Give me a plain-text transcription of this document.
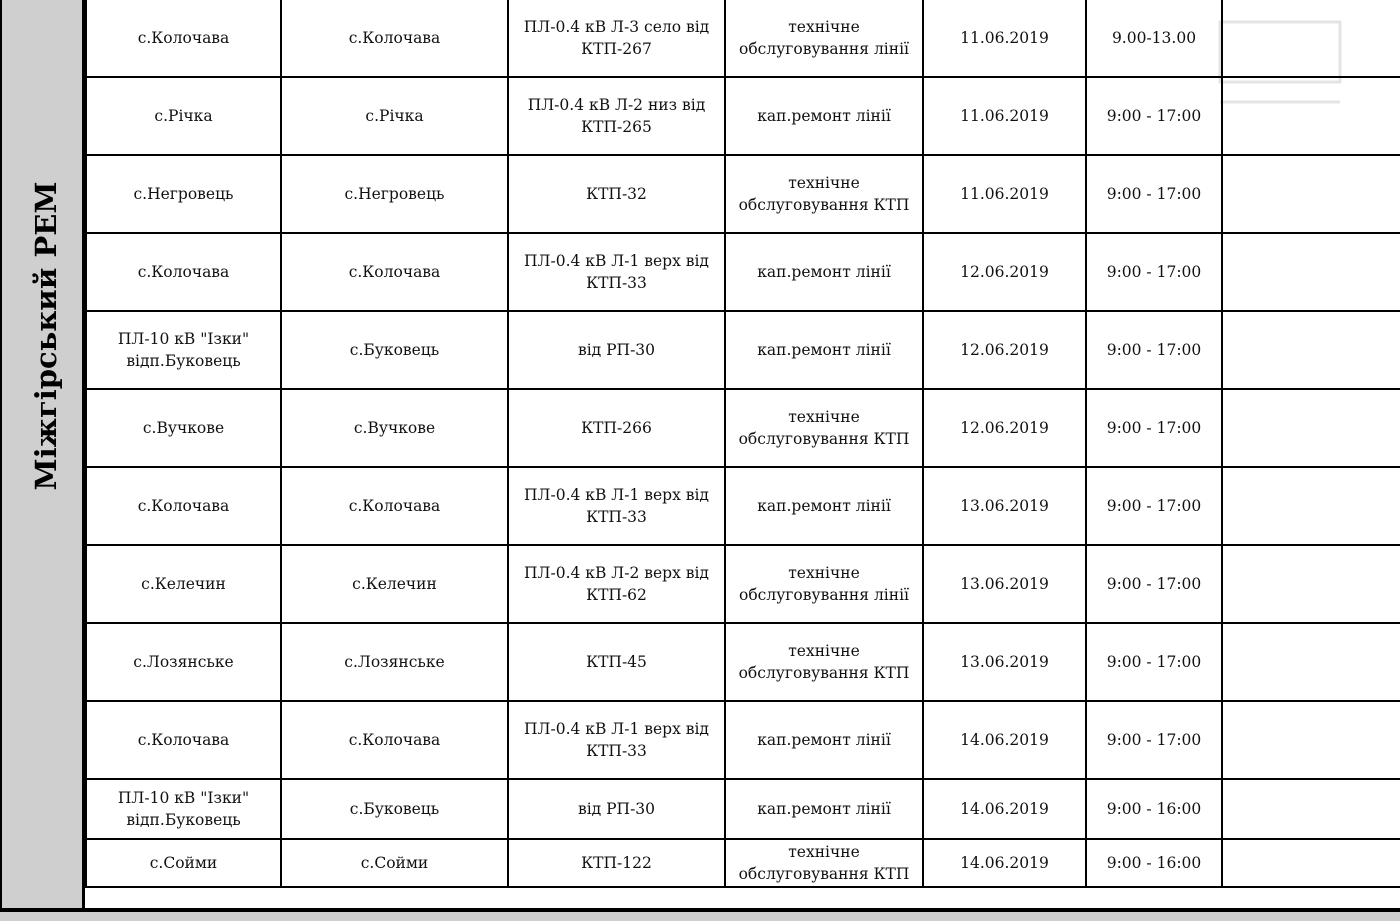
Міжгірський РЕМ
с.Колочава	с.Колочава	ПЛ-0.4 кВ Л-3 село від КТП-267	технічне обслуговування лінії	11.06.2019	9.00-13.00	
с.Річка	с.Річка	ПЛ-0.4 кВ Л-2 низ від КТП-265	кап.ремонт лінії	11.06.2019	9:00 - 17:00	
с.Негровець	с.Негровець	КТП-32	технічне обслуговування КТП	11.06.2019	9:00 - 17:00	
с.Колочава	с.Колочава	ПЛ-0.4 кВ Л-1 верх від КТП-33	кап.ремонт лінії	12.06.2019	9:00 - 17:00	
ПЛ-10 кВ "Ізки" відп.Буковець	с.Буковець	від РП-30	кап.ремонт лінії	12.06.2019	9:00 - 17:00	
с.Вучкове	с.Вучкове	КТП-266	технічне обслуговування КТП	12.06.2019	9:00 - 17:00	
с.Колочава	с.Колочава	ПЛ-0.4 кВ Л-1 верх від КТП-33	кап.ремонт лінії	13.06.2019	9:00 - 17:00	
с.Келечин	с.Келечин	ПЛ-0.4 кВ Л-2 верх від КТП-62	технічне обслуговування лінії	13.06.2019	9:00 - 17:00	
с.Лозянське	с.Лозянське	КТП-45	технічне обслуговування КТП	13.06.2019	9:00 - 17:00	
с.Колочава	с.Колочава	ПЛ-0.4 кВ Л-1 верх від КТП-33	кап.ремонт лінії	14.06.2019	9:00 - 17:00	
ПЛ-10 кВ "Ізки" відп.Буковець	с.Буковець	від РП-30	кап.ремонт лінії	14.06.2019	9:00 - 16:00	
с.Сойми	с.Сойми	КТП-122	технічне обслуговування КТП	14.06.2019	9:00 - 16:00	
